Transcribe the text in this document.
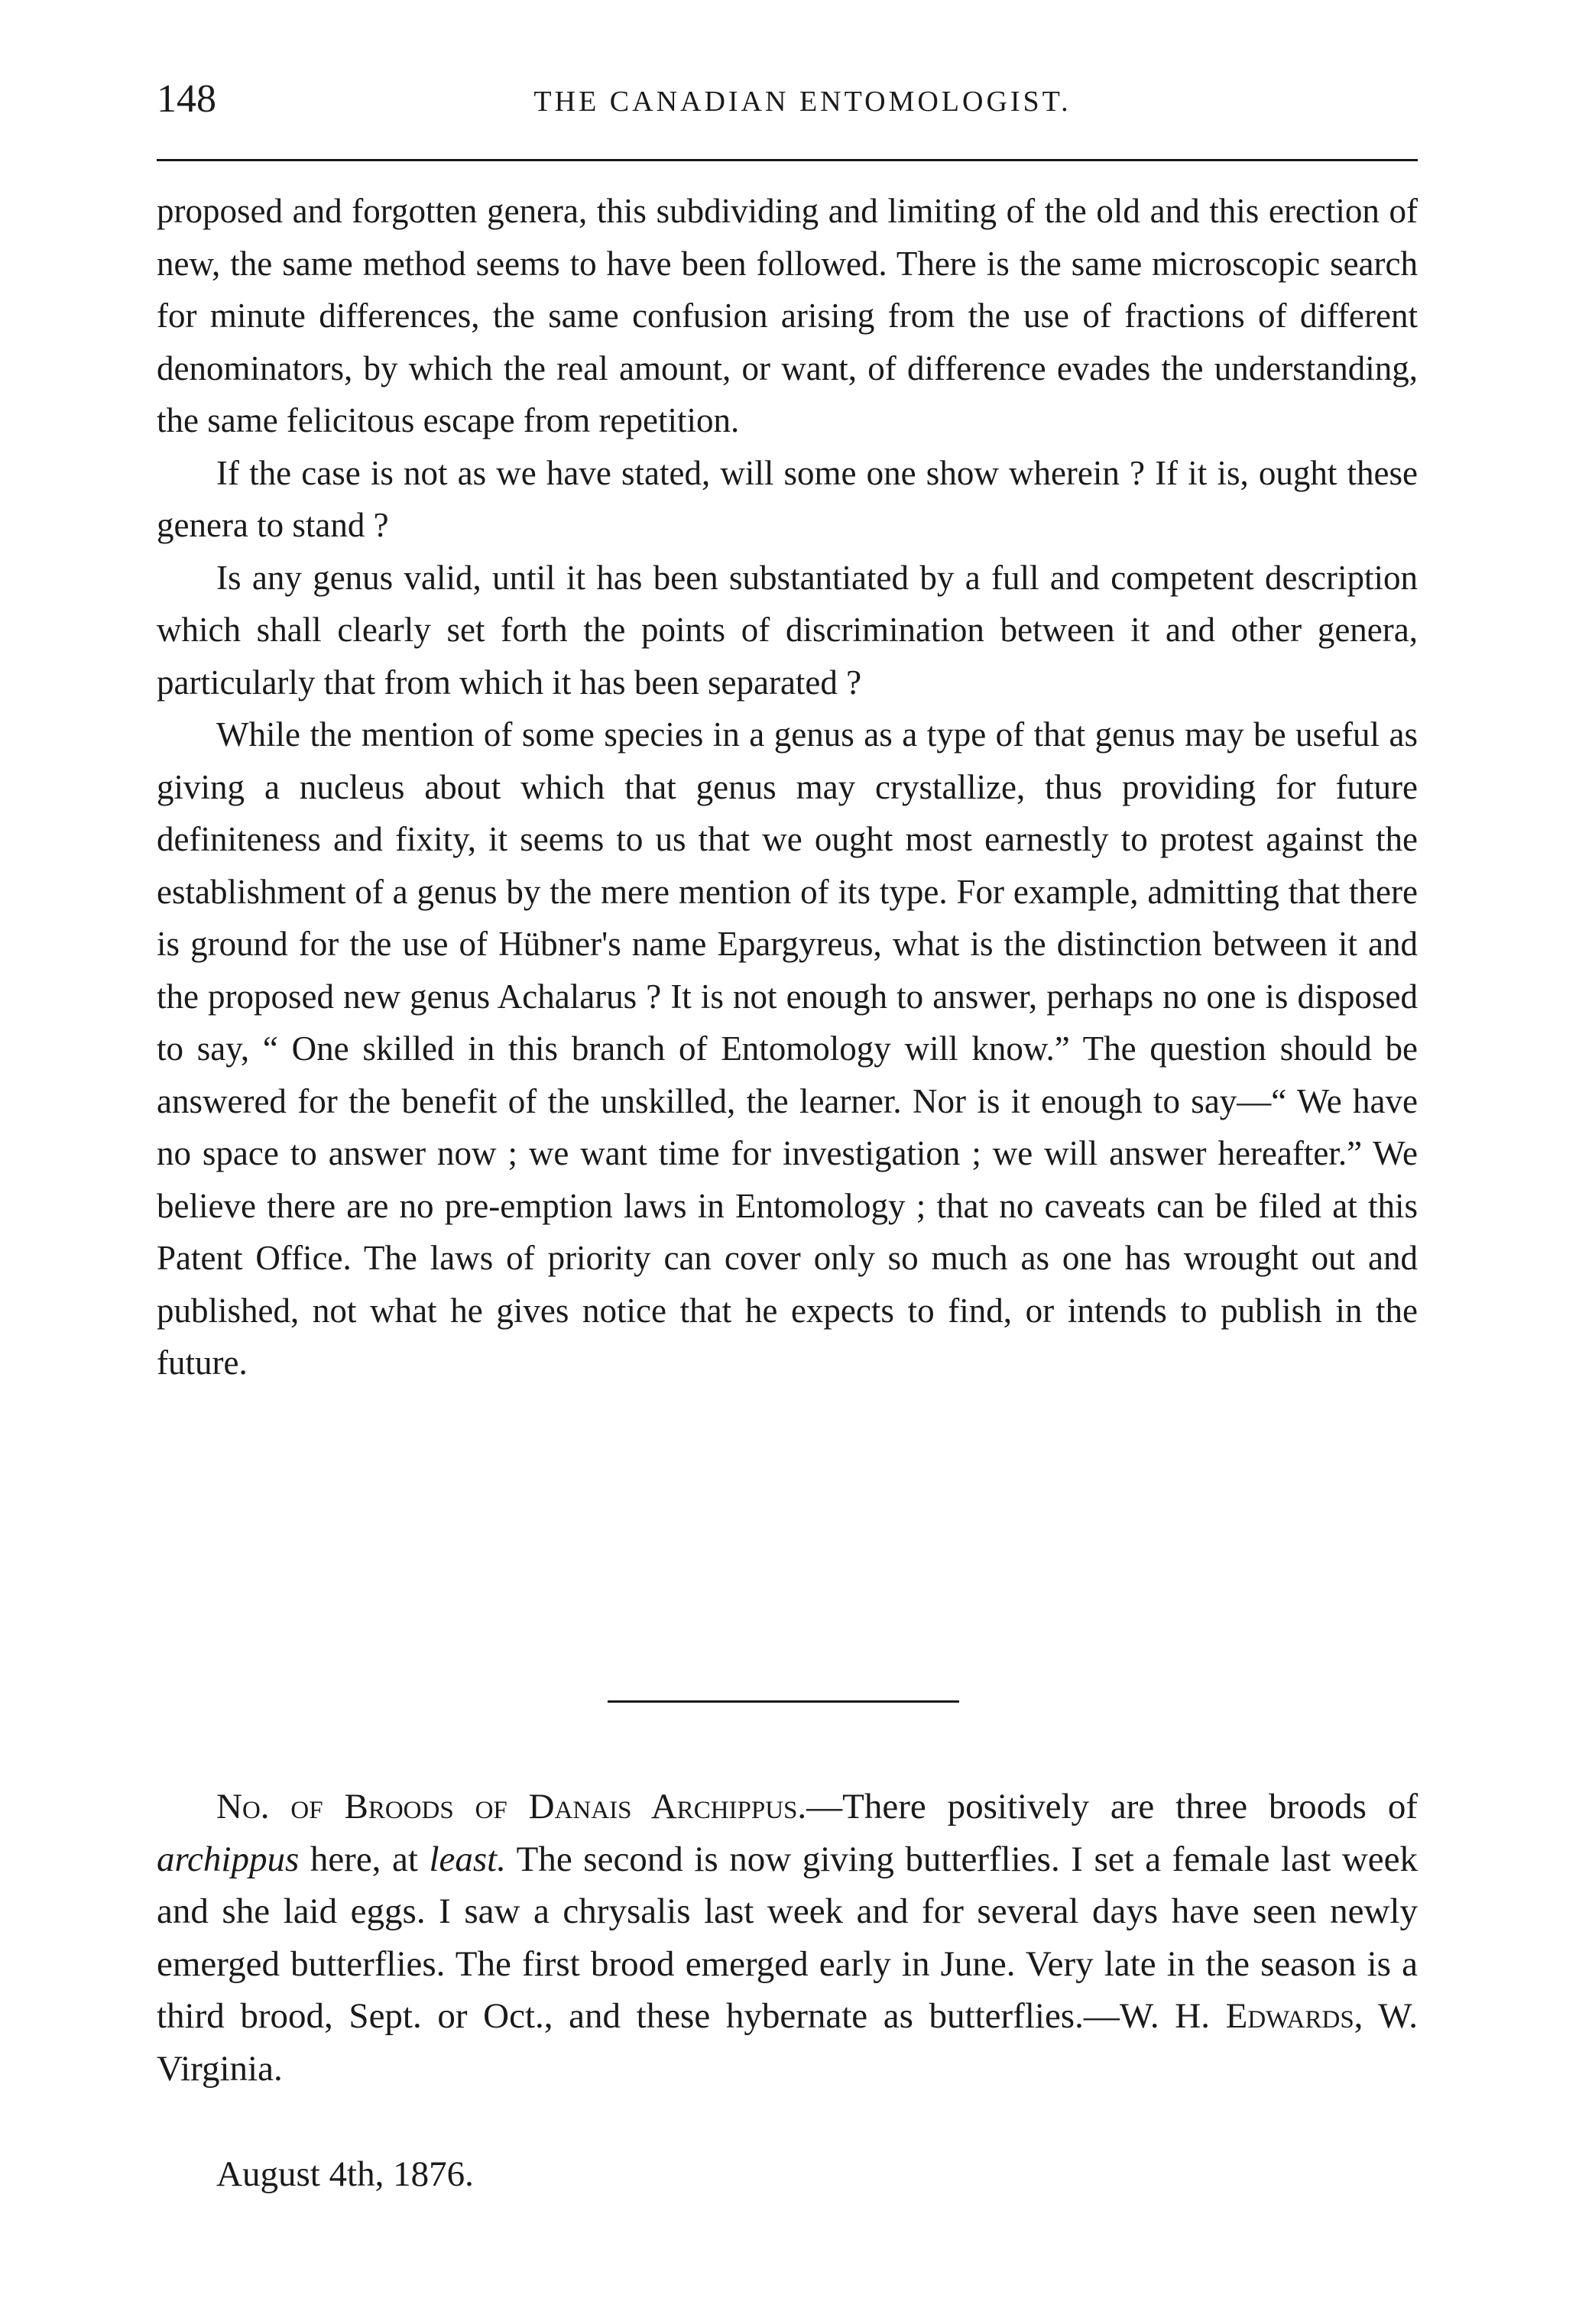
148	THE CANADIAN ENTOMOLOGIST.

proposed and forgotten genera, this subdividing and limiting of the old and this erection of new, the same method seems to have been followed. There is the same microscopic search for minute differences, the same confusion arising from the use of fractions of different denominators, by which the real amount, or want, of difference evades the understanding, the same felicitous escape from repetition.

If the case is not as we have stated, will some one show wherein ? If it is, ought these genera to stand ?

Is any genus valid, until it has been substantiated by a full and competent description which shall clearly set forth the points of discrimination between it and other genera, particularly that from which it has been separated ?

While the mention of some species in a genus as a type of that genus may be useful as giving a nucleus about which that genus may crystallize, thus providing for future definiteness and fixity, it seems to us that we ought most earnestly to protest against the establishment of a genus by the mere mention of its type. For example, admitting that there is ground for the use of Hübner's name Epargyreus, what is the distinction between it and the proposed new genus Achalarus ? It is not enough to answer, perhaps no one is disposed to say, “ One skilled in this branch of Entomology will know.” The question should be answered for the benefit of the unskilled, the learner. Nor is it enough to say—“ We have no space to answer now ; we want time for investigation ; we will answer hereafter.” We believe there are no pre-emption laws in Entomology ; that no caveats can be filed at this Patent Office. The laws of priority can cover only so much as one has wrought out and published, not what he gives notice that he expects to find, or intends to publish in the future.

No. of Broods of Danais Archippus.—There positively are three broods of archippus here, at least. The second is now giving butterflies. I set a female last week and she laid eggs. I saw a chrysalis last week and for several days have seen newly emerged butterflies. The first brood emerged early in June. Very late in the season is a third brood, Sept. or Oct., and these hybernate as butterflies.—W. H. Edwards, W. Virginia.

August 4th, 1876.
